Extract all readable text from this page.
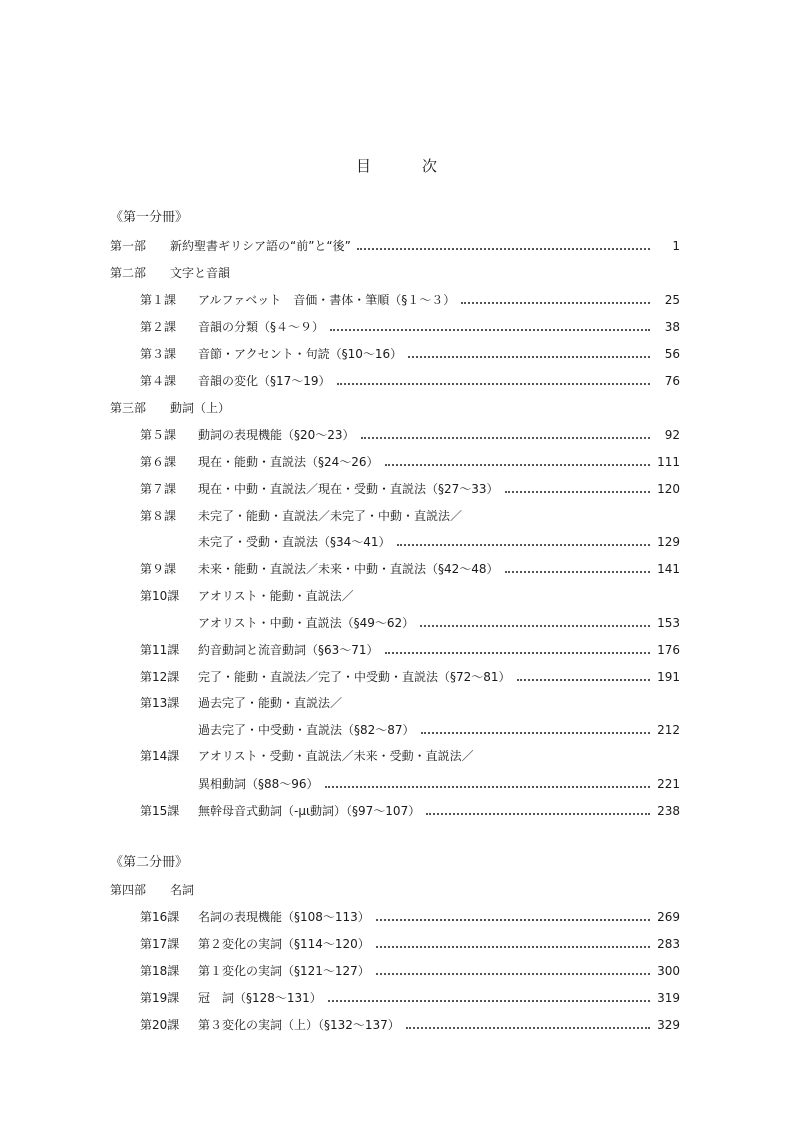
目　次
《第一分冊》
第一部	新約聖書ギリシア語の“前”と“後”	1
第二部	文字と音韻
第１課	アルファベット　音価・書体・筆順（§１～３）	25
第２課	音韻の分類（§４～９）	38
第３課	音節・アクセント・句読（§10～16）	56
第４課	音韻の変化（§17～19）	76
第三部	動詞（上）
第５課	動詞の表現機能（§20～23）	92
第６課	現在・能動・直説法（§24～26）	111
第７課	現在・中動・直説法／現在・受動・直説法（§27～33）	120
第８課	未完了・能動・直説法／未完了・中動・直説法／
未完了・受動・直説法（§34～41）	129
第９課	未来・能動・直説法／未来・中動・直説法（§42～48）	141
第10課	アオリスト・能動・直説法／
アオリスト・中動・直説法（§49～62）	153
第11課	約音動詞と流音動詞（§63～71）	176
第12課	完了・能動・直説法／完了・中受動・直説法（§72～81）	191
第13課	過去完了・能動・直説法／
過去完了・中受動・直説法（§82～87）	212
第14課	アオリスト・受動・直説法／未来・受動・直説法／
異相動詞（§88～96）	221
第15課	無幹母音式動詞（-μι動詞）（§97～107）	238
《第二分冊》
第四部	名詞
第16課	名詞の表現機能（§108～113）	269
第17課	第２変化の実詞（§114～120）	283
第18課	第１変化の実詞（§121～127）	300
第19課	冠　詞（§128～131）	319
第20課	第３変化の実詞（上）（§132～137）	329
